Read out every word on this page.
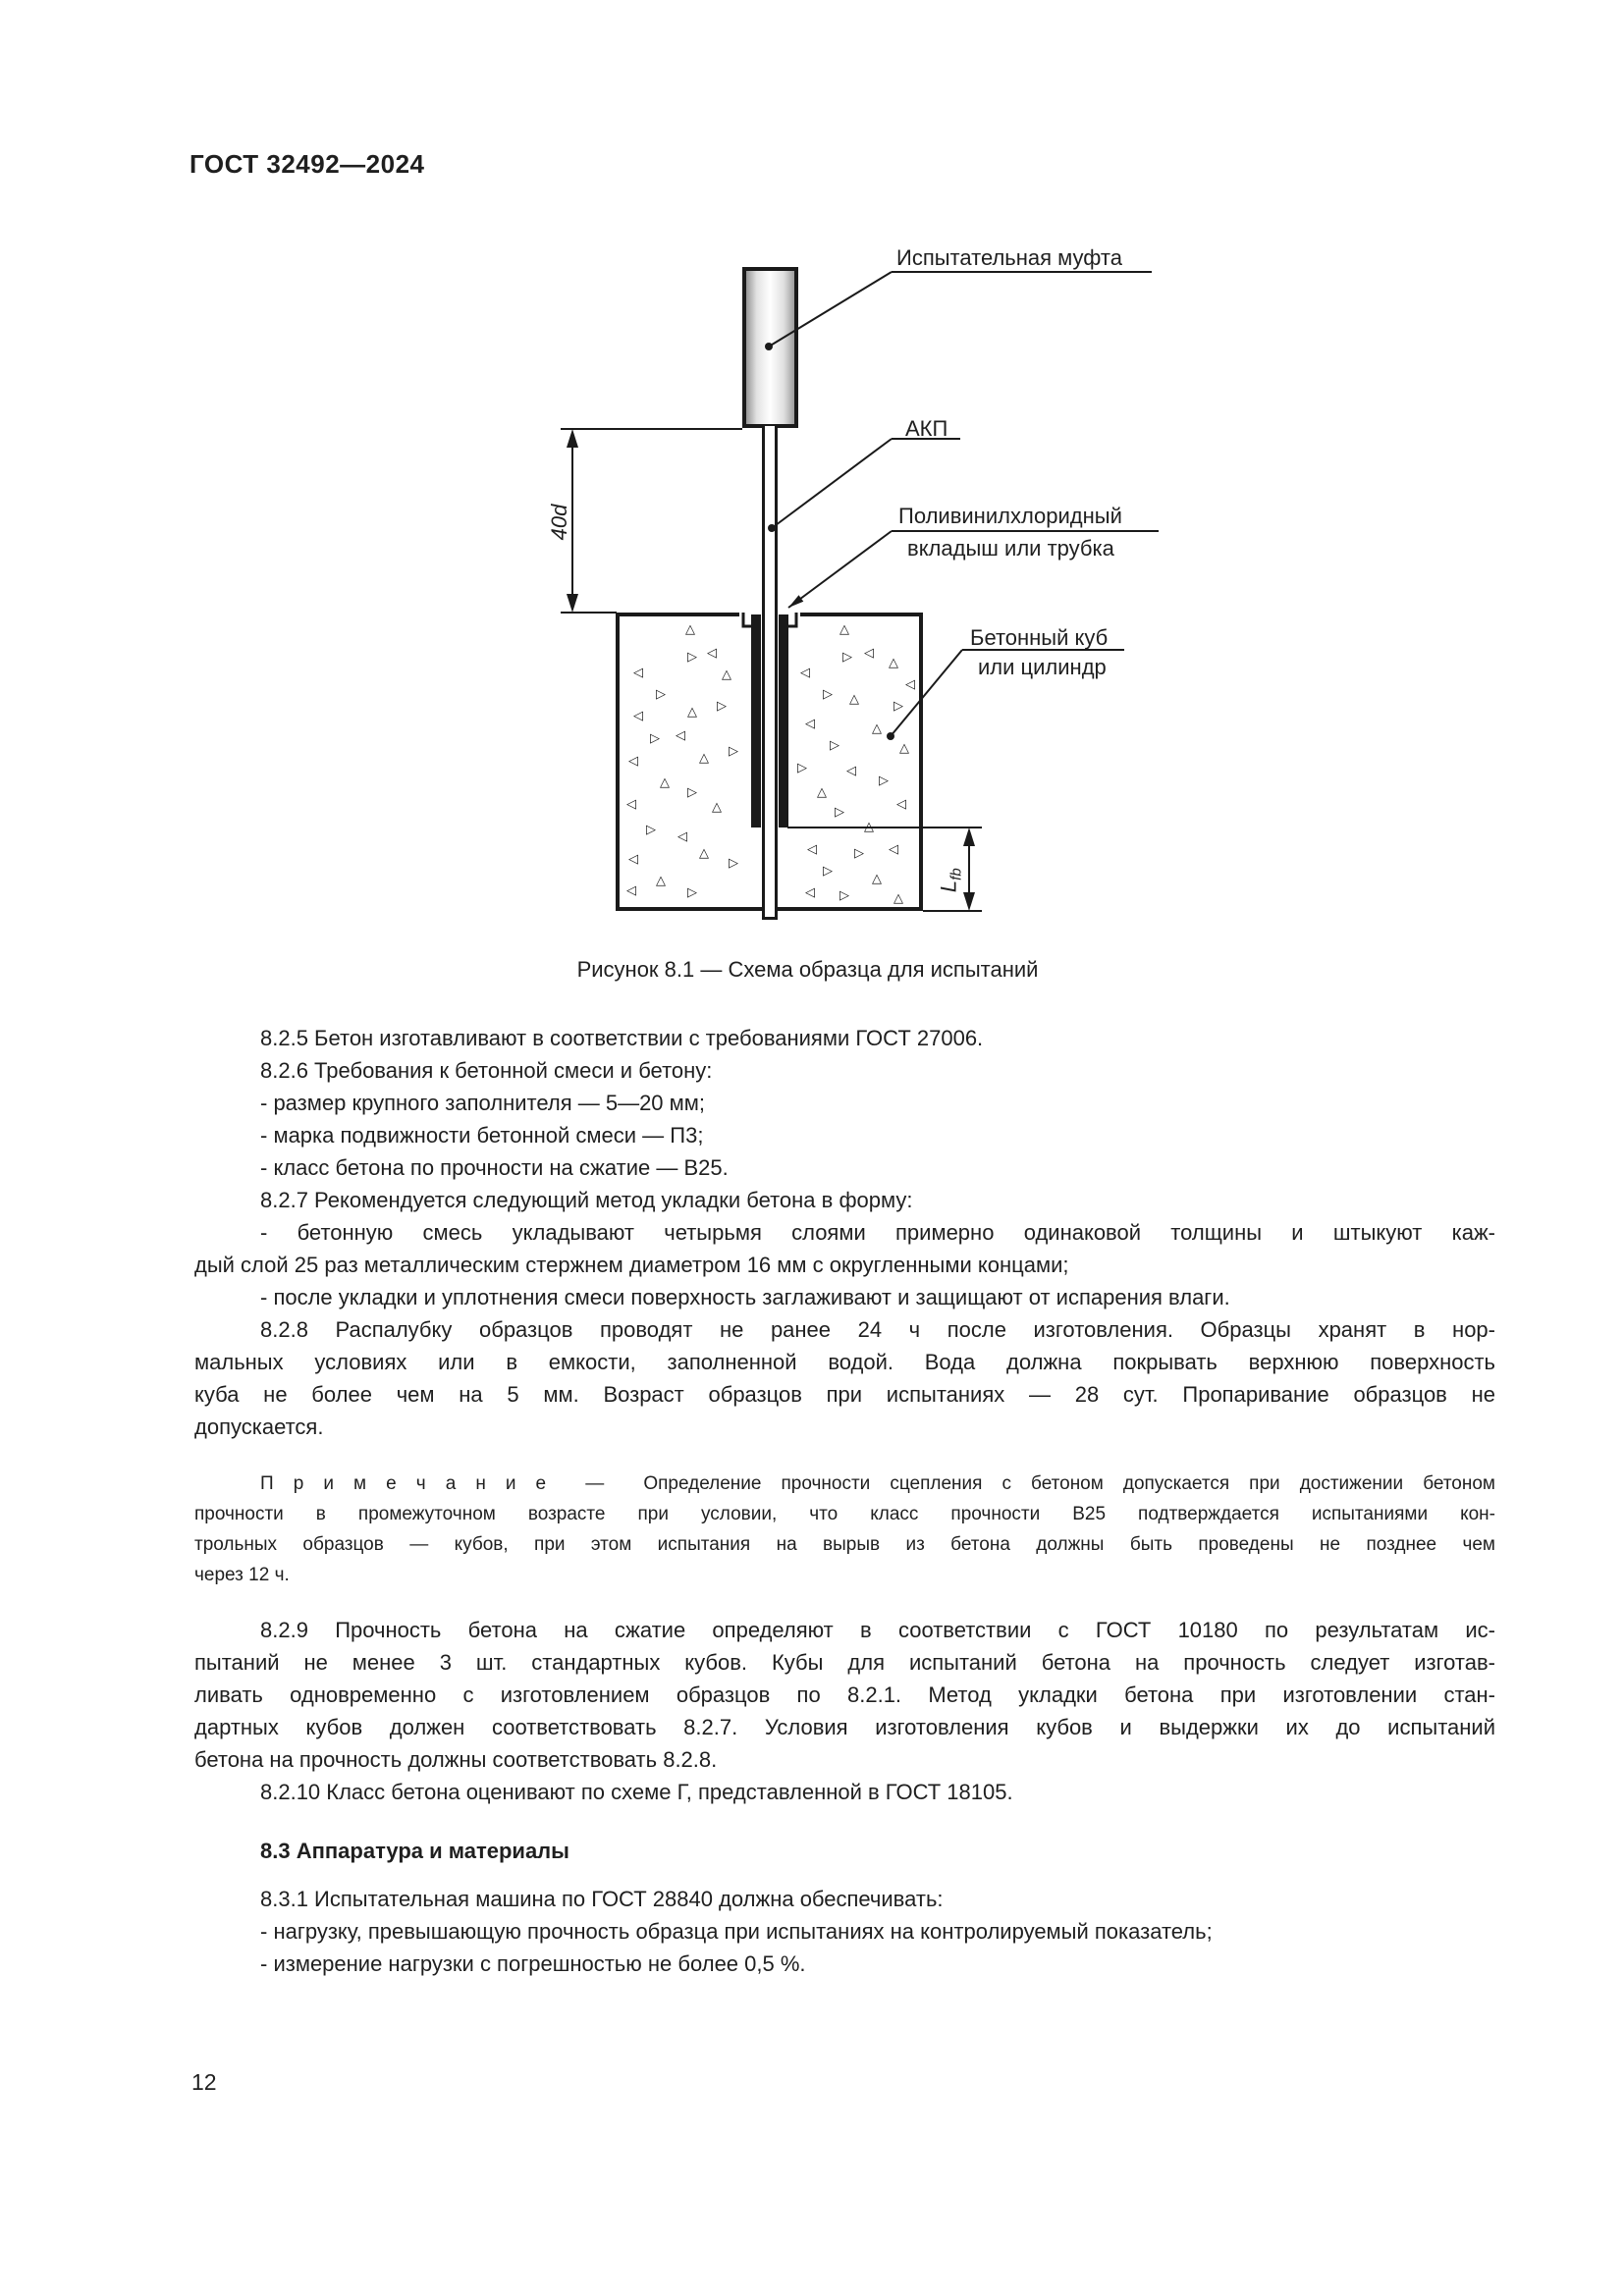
ГОСТ 32492—2024
Испытательная муфта
АКП
Поливинилхлоридный
вкладыш или трубка
Бетонный куб
или цилиндр
40d
$L_{fb}$
Рисунок 8.1 — Схема образца для испытаний
△
◁
▷
◁	△
▷
◁	△ ▷
▷ ◁
◁	△ ▷
△
▷
◁	△
▷ ◁
◁	△
▷
△
▷
◁
△
◁
▷
◁
△
◁
▷ △	▷
◁	△
▷	△
▷	◁
▷
△
◁
▷
△
◁	▷ ◁
▷
△
▷
◁	△
8.2.5 Бетон изготавливают в соответствии с требованиями ГОСТ 27006.
8.2.6 Требования к бетонной смеси и бетону:
- размер крупного заполнителя — 5—20 мм;
- марка подвижности бетонной смеси — П3;
- класс бетона по прочности на сжатие — В25.
8.2.7 Рекомендуется следующий метод укладки бетона в форму:
- бетонную смесь укладывают четырьмя слоями примерно одинаковой толщины и штыкуют каж-
дый слой 25 раз металлическим стержнем диаметром 16 мм с округленными концами;
- после укладки и уплотнения смеси поверхность заглаживают и защищают от испарения влаги.
8.2.8 Распалубку образцов проводят не ранее 24 ч после изготовления. Образцы хранят в нор-
мальных условиях или в емкости, заполненной водой. Вода должна покрывать верхнюю поверхность
куба не более чем на 5 мм. Возраст образцов при испытаниях — 28 сут. Пропаривание образцов не
допускается.
П р и м е ч а н и е  —  Определение прочности сцепления с бетоном допускается при достижении бетоном
прочности в промежуточном возрасте при условии, что класс прочности В25 подтверждается испытаниями кон-
трольных образцов — кубов, при этом испытания на вырыв из бетона должны быть проведены не позднее чем
через 12 ч.
8.2.9 Прочность бетона на сжатие определяют в соответствии с ГОСТ 10180 по результатам ис-
пытаний не менее 3 шт. стандартных кубов. Кубы для испытаний бетона на прочность следует изготав-
ливать одновременно с изготовлением образцов по 8.2.1. Метод укладки бетона при изготовлении стан-
дартных кубов должен соответствовать 8.2.7. Условия изготовления кубов и выдержки их до испытаний
бетона на прочность должны соответствовать 8.2.8.
8.2.10 Класс бетона оценивают по схеме Г, представленной в ГОСТ 18105.
8.3 Аппаратура и материалы
8.3.1 Испытательная машина по ГОСТ 28840 должна обеспечивать:
- нагрузку, превышающую прочность образца при испытаниях на контролируемый показатель;
- измерение нагрузки с погрешностью не более 0,5 %.
12
